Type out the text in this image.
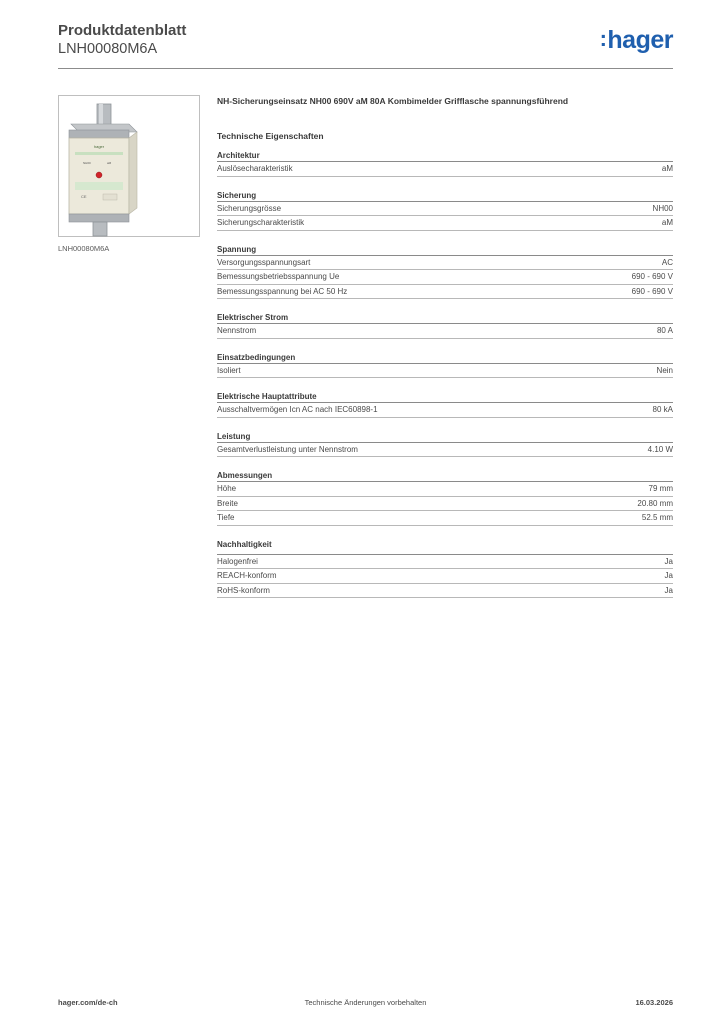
Produktdatenblatt
LNH00080M6A	:hager
hager
NH00	aM
CE
LNH00080M6A
NH-Sicherungseinsatz NH00 690V aM 80A Kombimelder Grifflasche spannungsführend
Technische Eigenschaften
Architektur
Auslösecharakteristik	aM
Sicherung
Sicherungsgrösse	NH00
Sicherungscharakteristik	aM
Spannung
Versorgungsspannungsart	AC
Bemessungsbetriebsspannung Ue	690 - 690 V
Bemessungsspannung bei AC 50 Hz	690 - 690 V
Elektrischer Strom
Nennstrom	80 A
Einsatzbedingungen
Isoliert	Nein
Elektrische Hauptattribute
Ausschaltvermögen Icn AC nach IEC60898-1	80 kA
Leistung
Gesamtverlustleistung unter Nennstrom	4.10 W
Abmessungen
Höhe	79 mm
Breite	20.80 mm
Tiefe	52.5 mm
Nachhaltigkeit
Halogenfrei	Ja
REACH-konform	Ja
RoHS-konform	Ja
hager.com/de-ch	Technische Änderungen vorbehalten	16.03.2026
